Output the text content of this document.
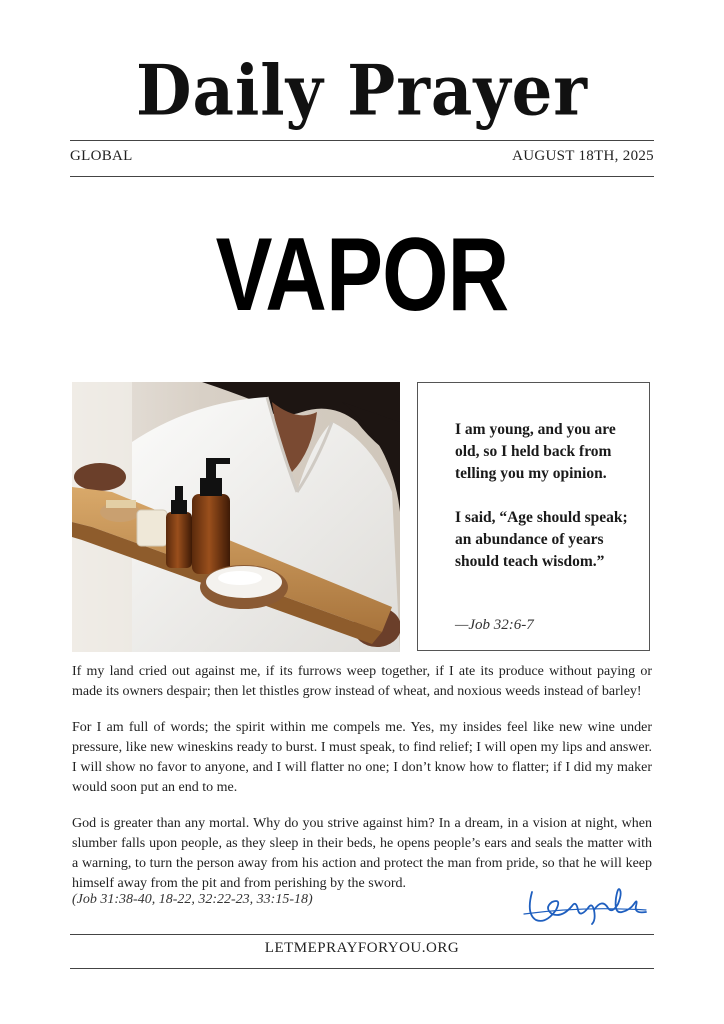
Daily Prayer
GLOBAL	AUGUST 18TH, 2025
VAPOR

I am young, and you are old, so I held back from telling you my opinion.

I said, “Age should speak; an abundance of years should teach wisdom.”

—Job 32:6-7

If my land cried out against me, if its furrows weep together, if I ate its produce without paying or made its owners despair; then let thistles grow instead of wheat, and noxious weeds instead of barley!

For I am full of words; the spirit within me compels me. Yes, my insides feel like new wine under pressure, like new wineskins ready to burst. I must speak, to find relief; I will open my lips and answer. I will show no favor to anyone, and I will flatter no one; I don’t know how to flatter; if I did my maker would soon put an end to me.

God is greater than any mortal. Why do you strive against him? In a dream, in a vision at night, when slumber falls upon people, as they sleep in their beds, he opens people’s ears and seals the matter with a warning, to turn the person away from his action and protect the man from pride, so that he will keep himself away from the pit and from perishing by the sword.

(Job 31:38-40, 18-22, 32:22-23, 33:15-18)
LETMEPRAYFORYOU.ORG
